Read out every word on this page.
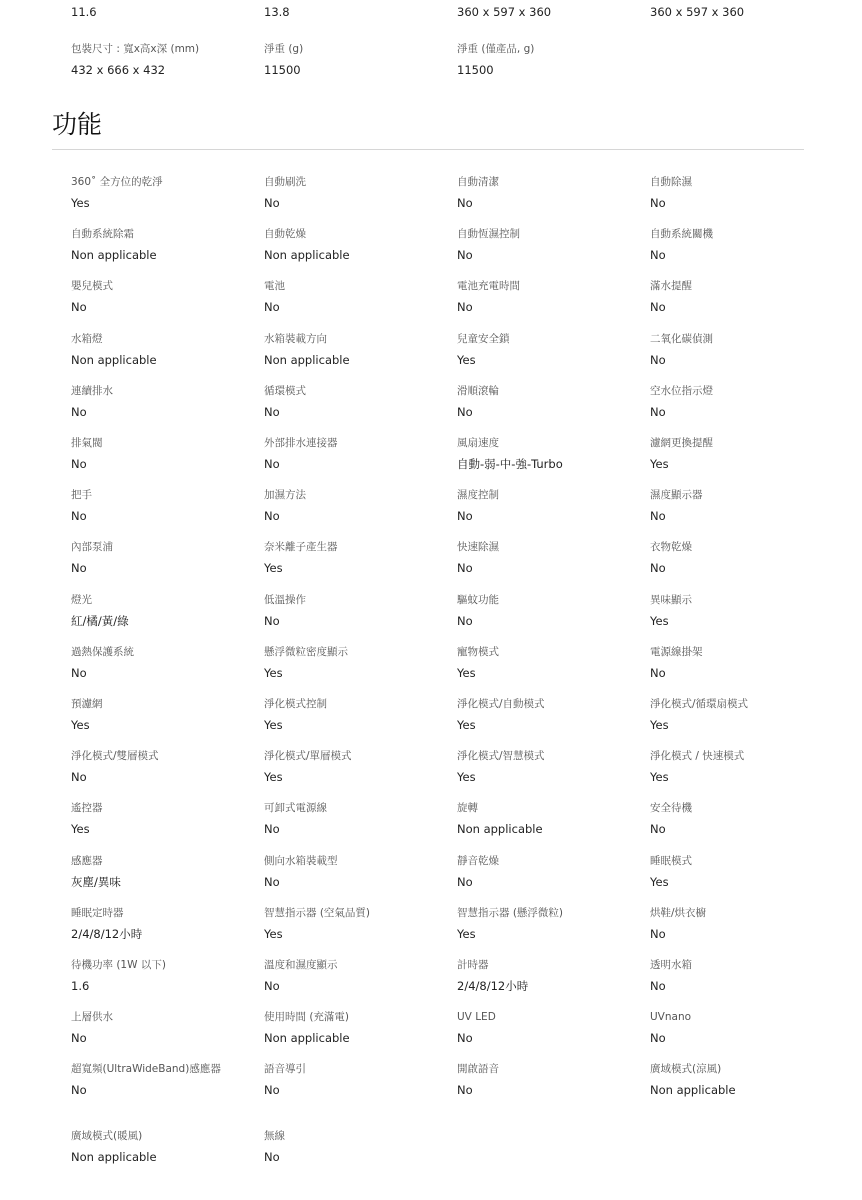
11.6	13.8	360 x 597 x 360	360 x 597 x 360
包裝尺寸 : 寬x高x深 (mm)
432 x 666 x 432
淨重 (g)
11500
淨重 (僅產品, g)
11500
功能
360˚ 全方位的乾淨
Yes
自動刷洗
No
自動清潔
No
自動除濕
No
自動系統除霜
Non applicable
自動乾燥
Non applicable
自動恆濕控制
No
自動系統關機
No
嬰兒模式
No
電池
No
電池充電時間
No
滿水提醒
No
水箱燈
Non applicable
水箱裝載方向
Non applicable
兒童安全鎖
Yes
二氧化碳偵測
No
連續排水
No
循環模式
No
滑順滾輪
No
空水位指示燈
No
排氣閥
No
外部排水連接器
No
風扇速度
自動-弱-中-強-Turbo
濾網更換提醒
Yes
把手
No
加濕方法
No
濕度控制
No
濕度顯示器
No
內部泵浦
No
奈米離子產生器
Yes
快速除濕
No
衣物乾燥
No
燈光
紅/橘/黃/綠
低溫操作
No
驅蚊功能
No
異味顯示
Yes
過熱保護系統
No
懸浮微粒密度顯示
Yes
寵物模式
Yes
電源線掛架
No
預濾網
Yes
淨化模式控制
Yes
淨化模式/自動模式
Yes
淨化模式/循環扇模式
Yes
淨化模式/雙層模式
No
淨化模式/單層模式
Yes
淨化模式/智慧模式
Yes
淨化模式 / 快速模式
Yes
遙控器
Yes
可卸式電源線
No
旋轉
Non applicable
安全待機
No
感應器
灰塵/異味
側向水箱裝載型
No
靜音乾燥
No
睡眠模式
Yes
睡眠定時器
2/4/8/12小時
智慧指示器 (空氣品質)
Yes
智慧指示器 (懸浮微粒)
Yes
烘鞋/烘衣櫥
No
待機功率 (1W 以下)
1.6
溫度和濕度顯示
No
計時器
2/4/8/12小時
透明水箱
No
上層供水
No
使用時間 (充滿電)
Non applicable
UV LED
No
UVnano
No
超寬頻(UltraWideBand)感應器
No
語音導引
No
開啟語音
No
廣域模式(涼風)
Non applicable
廣域模式(暖風)
Non applicable
無線
No
